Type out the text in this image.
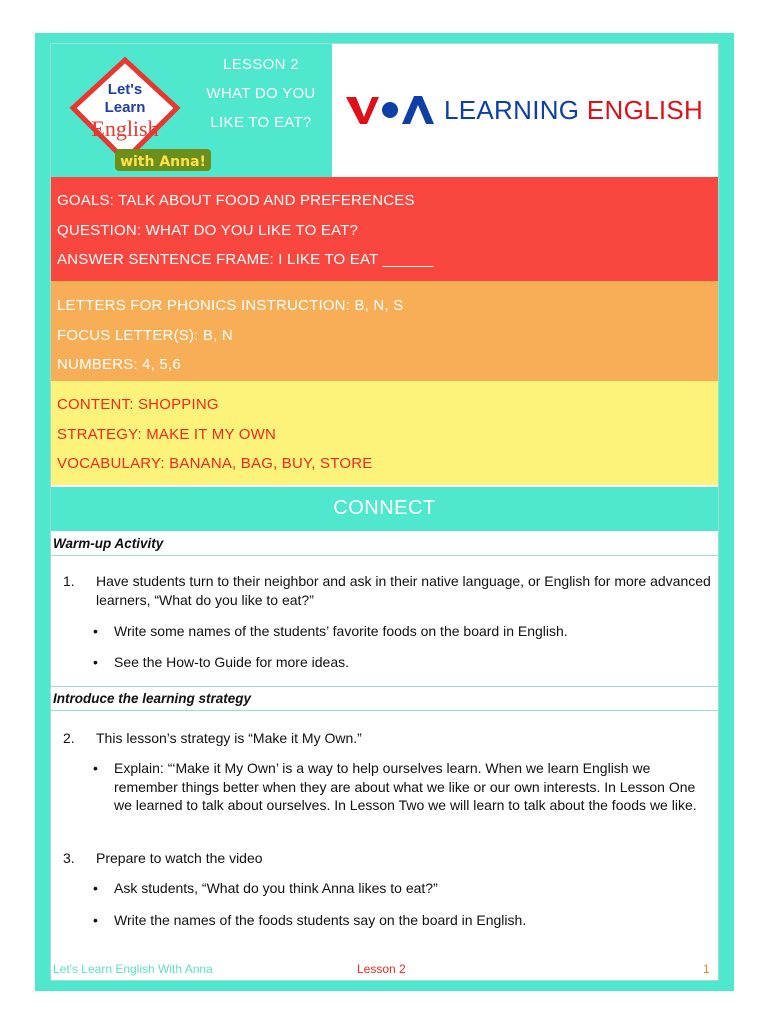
Let's
Learn
English
with Anna!
LESSON 2
WHAT DO YOU
LIKE TO EAT?	LEARNING ENGLISH
GOALS: TALK ABOUT FOOD AND PREFERENCES
QUESTION: WHAT DO YOU LIKE TO EAT?
ANSWER SENTENCE FRAME: I LIKE TO EAT ______
LETTERS FOR PHONICS INSTRUCTION: B, N, S
FOCUS LETTER(S): B, N
NUMBERS: 4, 5,6
CONTENT: SHOPPING
STRATEGY: MAKE IT MY OWN
VOCABULARY: BANANA, BAG, BUY, STORE
CONNECT
Warm-up Activity
1.	Have students turn to their neighbor and ask in their native language, or English for more advanced learners, “What do you like to eat?”
• Write some names of the students’ favorite foods on the board in English.
• See the How-to Guide for more ideas.
Introduce the learning strategy
2.	This lesson’s strategy is “Make it My Own.”
• Explain: “‘Make it My Own’ is a way to help ourselves learn. When we learn English we remember things better when they are about what we like or our own interests. In Lesson One we learned to talk about ourselves. In Lesson Two we will learn to talk about the foods we like.
3.	Prepare to watch the video
• Ask students, “What do you think Anna likes to eat?”
• Write the names of the foods students say on the board in English.
Let's Learn English With Anna	Lesson 2	1
